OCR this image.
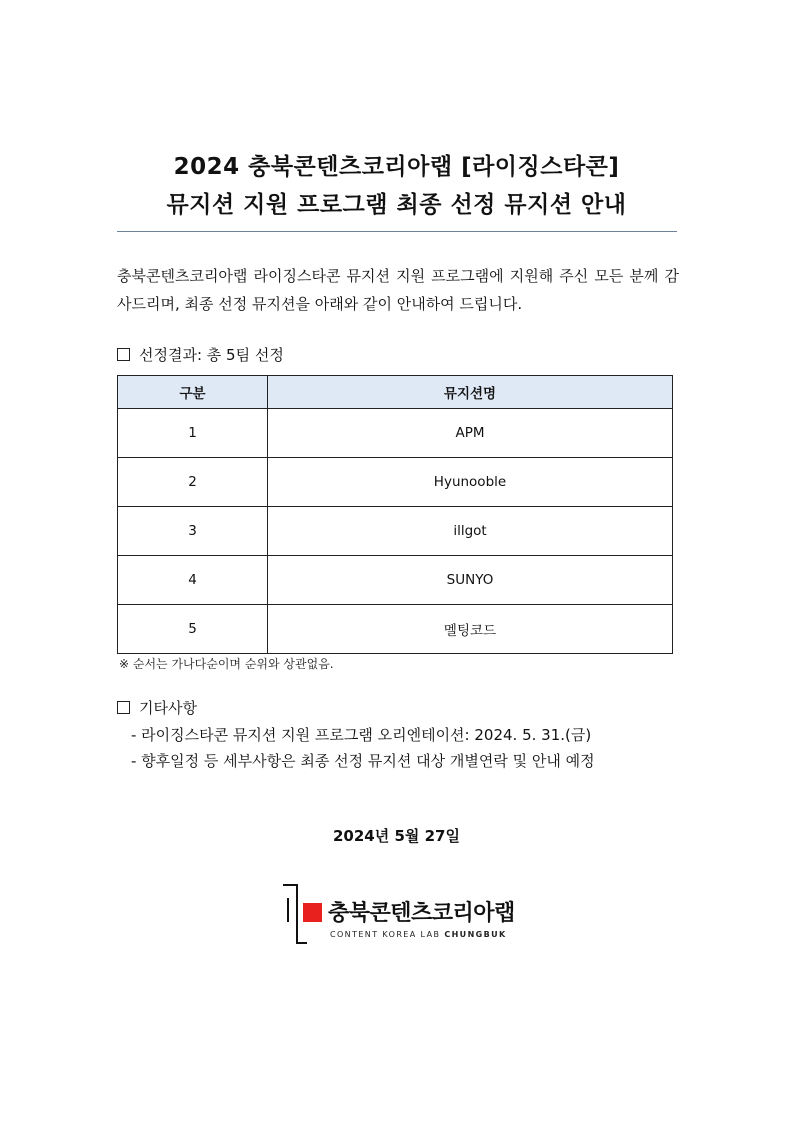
2024 충북콘텐츠코리아랩 [라이징스타콘]
뮤지션 지원 프로그램 최종 선정 뮤지션 안내
충북콘텐츠코리아랩 라이징스타콘 뮤지션 지원 프로그램에 지원해 주신 모든 분께 감사드리며, 최종 선정 뮤지션을 아래와 같이 안내하여 드립니다.
선정결과: 총 5팀 선정
구분	뮤지션명
1	APM
2	Hyunooble
3	illgot
4	SUNYO
5	멜팅코드
※ 순서는 가나다순이며 순위와 상관없음.
기타사항
- 라이징스타콘 뮤지션 지원 프로그램 오리엔테이션: 2024. 5. 31.(금)
- 향후일정 등 세부사항은 최종 선정 뮤지션 대상 개별연락 및 안내 예정
2024년 5월 27일
충북콘텐츠코리아랩
CONTENT KOREA LAB CHUNGBUK
